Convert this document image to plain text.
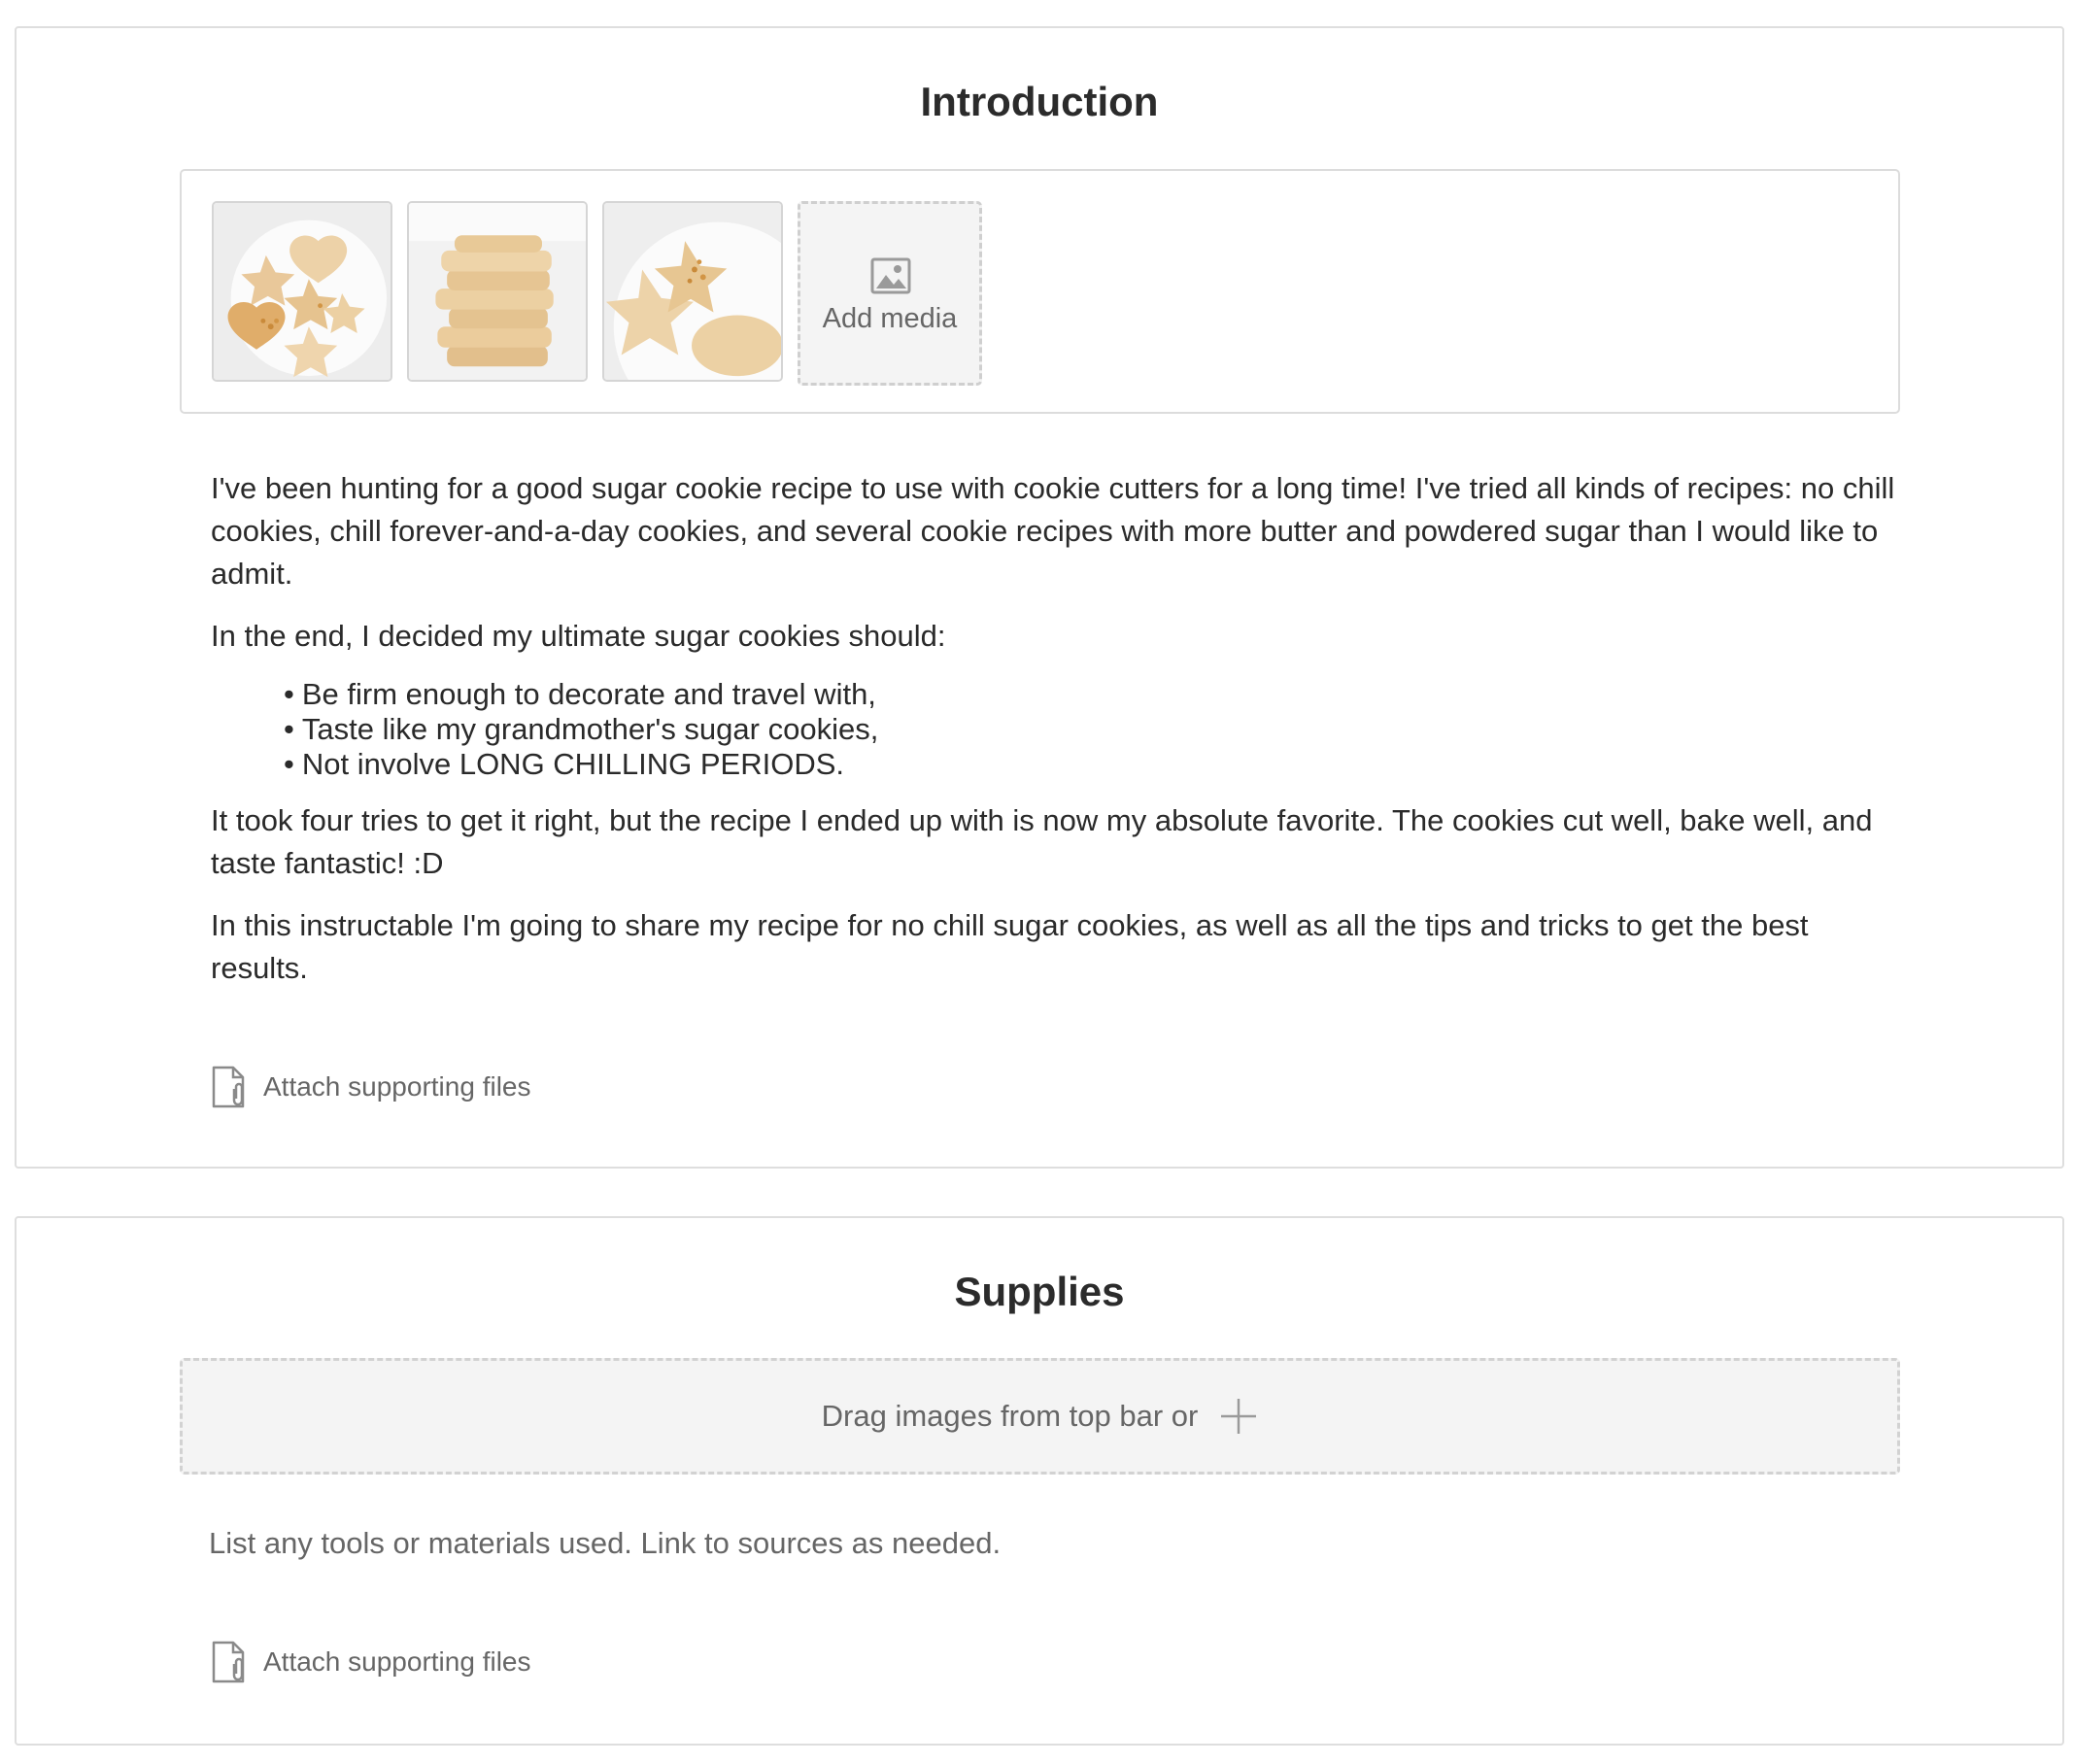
Introduction
Add media

I've been hunting for a good sugar cookie recipe to use with cookie cutters for a long time! I've tried all kinds of recipes: no chill cookies, chill forever-and-a-day cookies, and several cookie recipes with more butter and powdered sugar than I would like to admit.

In the end, I decided my ultimate sugar cookies should:

• Be firm enough to decorate and travel with,
• Taste like my grandmother's sugar cookies,
• Not involve LONG CHILLING PERIODS.

It took four tries to get it right, but the recipe I ended up with is now my absolute favorite. The cookies cut well, bake well, and taste fantastic! :D

In this instructable I'm going to share my recipe for no chill sugar cookies, as well as all the tips and tricks to get the best results.

Attach supporting files
Supplies
Drag images from top bar or
List any tools or materials used. Link to sources as needed.
Attach supporting files
